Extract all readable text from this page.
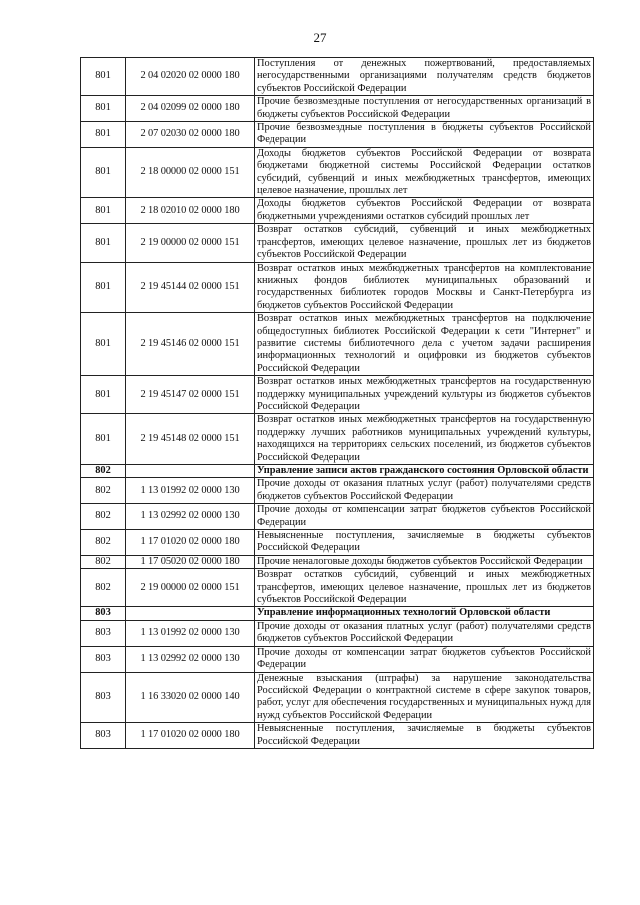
27
801	2 04 02020 02 0000 180	Поступления от денежных пожертвований, предоставляемых негосударственными организациями получателям средств бюджетов субъектов Российской Федерации
801	2 04 02099 02 0000 180	Прочие безвозмездные поступления от негосударственных организаций в бюджеты субъектов Российской Федерации
801	2 07 02030 02 0000 180	Прочие безвозмездные поступления в бюджеты субъектов Российской Федерации
801	2 18 00000 02 0000 151	Доходы бюджетов субъектов Российской Федерации от возврата бюджетами бюджетной системы Российской Федерации остатков субсидий, субвенций и иных межбюджетных трансфертов, имеющих целевое назначение, прошлых лет
801	2 18 02010 02 0000 180	Доходы бюджетов субъектов Российской Федерации от возврата бюджетными учреждениями остатков субсидий прошлых лет
801	2 19 00000 02 0000 151	Возврат остатков субсидий, субвенций и иных межбюджетных трансфертов, имеющих целевое назначение, прошлых лет из бюджетов субъектов Российской Федерации
801	2 19 45144 02 0000 151	Возврат остатков иных межбюджетных трансфертов на комплектование книжных фондов библиотек муниципальных образований и государственных библиотек городов Москвы и Санкт-Петербурга из бюджетов субъектов Российской Федерации
801	2 19 45146 02 0000 151	Возврат остатков иных межбюджетных трансфертов на подключение общедоступных библиотек Российской Федерации к сети "Интернет" и развитие системы библиотечного дела с учетом задачи расширения информационных технологий и оцифровки из бюджетов субъектов Российской Федерации
801	2 19 45147 02 0000 151	Возврат остатков иных межбюджетных трансфертов на государственную поддержку муниципальных учреждений культуры из бюджетов субъектов Российской Федерации
801	2 19 45148 02 0000 151	Возврат остатков иных межбюджетных трансфертов на государственную поддержку лучших работников муниципальных учреждений культуры, находящихся на территориях сельских поселений, из бюджетов субъектов Российской Федерации
802		Управление записи актов гражданского состояния Орловской области
802	1 13 01992 02 0000 130	Прочие доходы от оказания платных услуг (работ) получателями средств бюджетов субъектов Российской Федерации
802	1 13 02992 02 0000 130	Прочие доходы от компенсации затрат бюджетов субъектов Российской Федерации
802	1 17 01020 02 0000 180	Невыясненные поступления, зачисляемые в бюджеты субъектов Российской Федерации
802	1 17 05020 02 0000 180	Прочие неналоговые доходы бюджетов субъектов Российской Федерации
802	2 19 00000 02 0000 151	Возврат остатков субсидий, субвенций и иных межбюджетных трансфертов, имеющих целевое назначение, прошлых лет из бюджетов субъектов Российской Федерации
803		Управление информационных технологий Орловской области
803	1 13 01992 02 0000 130	Прочие доходы от оказания платных услуг (работ) получателями средств бюджетов субъектов Российской Федерации
803	1 13 02992 02 0000 130	Прочие доходы от компенсации затрат бюджетов субъектов Российской Федерации
803	1 16 33020 02 0000 140	Денежные взыскания (штрафы) за нарушение законодательства Российской Федерации о контрактной системе в сфере закупок товаров, работ, услуг для обеспечения государственных и муниципальных нужд для нужд субъектов Российской Федерации
803	1 17 01020 02 0000 180	Невыясненные поступления, зачисляемые в бюджеты субъектов Российской Федерации
